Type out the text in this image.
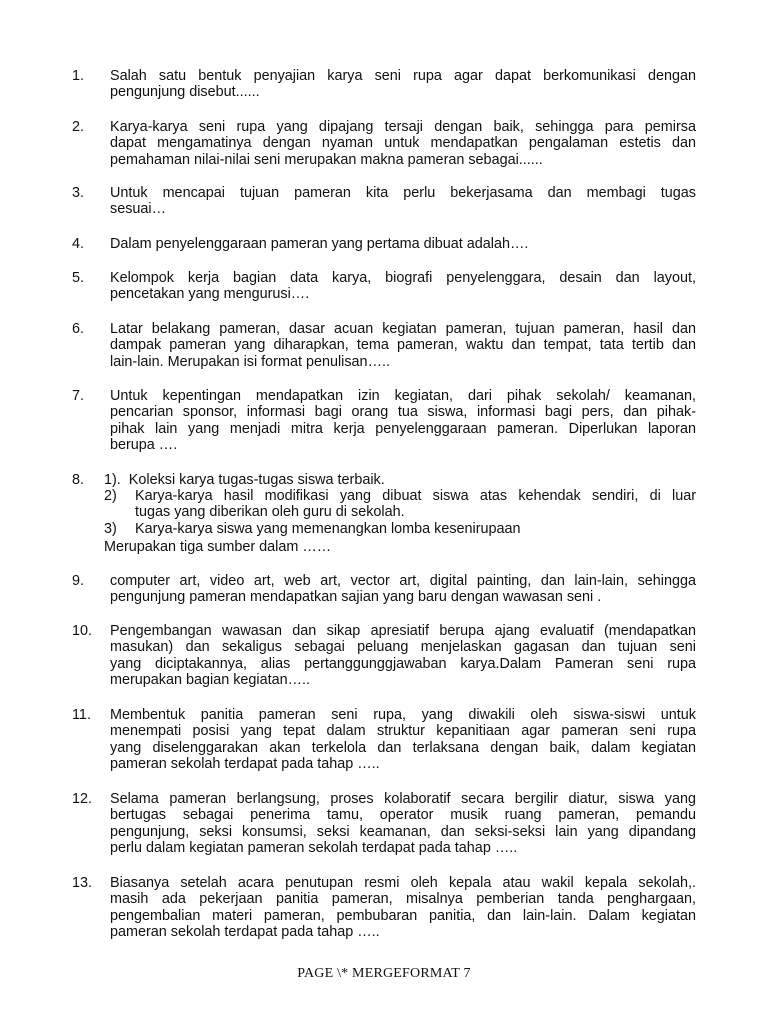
1. Salah satu bentuk penyajian karya seni rupa agar dapat berkomunikasi dengan
pengunjung disebut......
2. Karya-karya seni rupa yang dipajang tersaji dengan baik, sehingga para pemirsa
dapat mengamatinya dengan nyaman untuk mendapatkan pengalaman estetis dan
pemahaman nilai-nilai seni merupakan makna pameran sebagai......
3. Untuk mencapai tujuan pameran kita perlu bekerjasama dan membagi tugas
sesuai…
4. Dalam penyelenggaraan pameran yang pertama dibuat adalah….
5. Kelompok kerja bagian data karya, biografi penyelenggara, desain dan layout,
pencetakan yang mengurusi….
6. Latar belakang pameran, dasar acuan kegiatan pameran, tujuan pameran, hasil dan
dampak pameran yang diharapkan, tema pameran, waktu dan tempat, tata tertib dan
lain-lain. Merupakan isi format penulisan…..
7. Untuk kepentingan mendapatkan izin kegiatan, dari pihak sekolah/ keamanan,
pencarian sponsor, informasi bagi orang tua siswa, informasi bagi pers, dan pihak-
pihak lain yang menjadi mitra kerja penyelenggaraan pameran. Diperlukan laporan
berupa ….
8. 1). Koleksi karya tugas-tugas siswa terbaik.
2)	Karya-karya hasil modifikasi yang dibuat siswa atas kehendak sendiri, di luar
tugas yang diberikan oleh guru di sekolah.
3)	Karya-karya siswa yang memenangkan lomba kesenirupaan
Merupakan tiga sumber dalam ……
9. computer art, video art, web art, vector art, digital painting, dan lain-lain, sehingga
pengunjung pameran mendapatkan sajian yang baru dengan wawasan seni .
10. Pengembangan wawasan dan sikap apresiatif berupa ajang evaluatif (mendapatkan
masukan) dan sekaligus sebagai peluang menjelaskan gagasan dan tujuan seni
yang diciptakannya, alias pertanggunggjawaban karya.Dalam Pameran seni rupa
merupakan bagian kegiatan…..
11. Membentuk panitia pameran seni rupa, yang diwakili oleh siswa-siswi untuk
menempati posisi yang tepat dalam struktur kepanitiaan agar pameran seni rupa
yang diselenggarakan akan terkelola dan terlaksana dengan baik, dalam kegiatan
pameran sekolah terdapat pada tahap …..
12. Selama pameran berlangsung, proses kolaboratif secara bergilir diatur, siswa yang
bertugas sebagai penerima tamu, operator musik ruang pameran, pemandu
pengunjung, seksi konsumsi, seksi keamanan, dan seksi-seksi lain yang dipandang
perlu dalam kegiatan pameran sekolah terdapat pada tahap …..
13. Biasanya setelah acara penutupan resmi oleh kepala atau wakil kepala sekolah,.
masih ada pekerjaan panitia pameran, misalnya pemberian tanda penghargaan,
pengembalian materi pameran, pembubaran panitia, dan lain-lain. Dalam kegiatan
pameran sekolah terdapat pada tahap …..
PAGE \* MERGEFORMAT 7
